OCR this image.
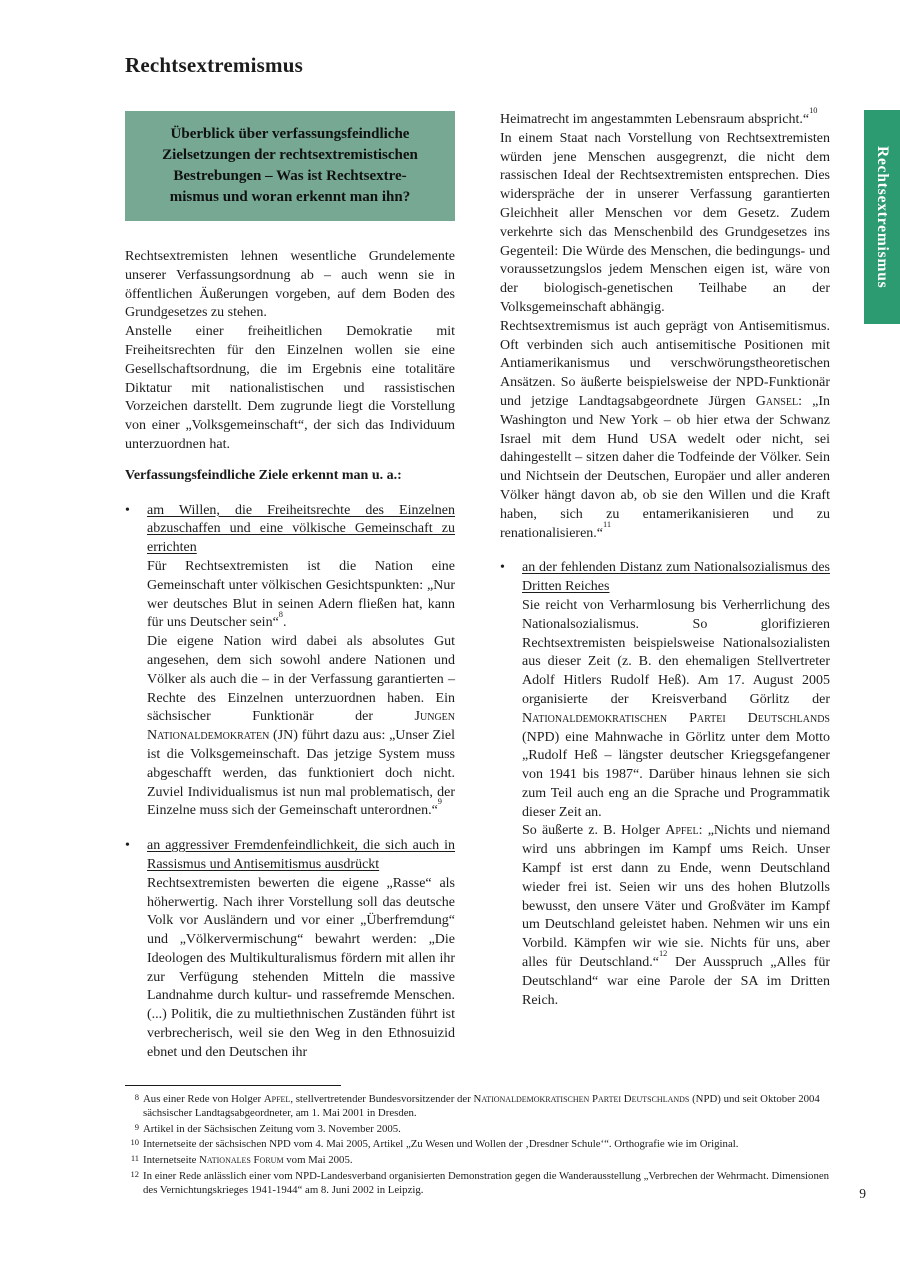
Rechtsextremismus
Rechtsextremismus
Überblick über verfassungsfeindliche
Zielsetzungen der rechtsextremistischen
Bestrebungen – Was ist Rechtsextre-
mismus und woran erkennt man ihn?

Rechtsextremisten lehnen wesentliche Grundelemente unserer Verfassungsordnung ab – auch wenn sie in öffentlichen Äußerungen vorgeben, auf dem Boden des Grundgesetzes zu stehen.

Anstelle einer freiheitlichen Demokratie mit Freiheitsrechten für den Einzelnen wollen sie eine Gesellschaftsordnung, die im Ergebnis eine totalitäre Diktatur mit nationalistischen und rassistischen Vorzeichen darstellt. Dem zugrunde liegt die Vorstellung von einer „Volksgemeinschaft“, der sich das Individuum unterzuordnen hat.

Verfassungsfeindliche Ziele erkennt man u. a.:
•	am Willen, die Freiheitsrechte des Einzelnen abzuschaffen und eine völkische Gemeinschaft zu errichten

Für Rechtsextremisten ist die Nation eine Gemeinschaft unter völkischen Gesichtspunkten: „Nur wer deutsches Blut in seinen Adern fließen hat, kann für uns Deutscher sein“$^8$.

Die eigene Nation wird dabei als absolutes Gut angesehen, dem sich sowohl andere Nationen und Völker als auch die – in der Verfassung garantierten – Rechte des Einzelnen unterzuordnen haben. Ein sächsischer Funktionär der Jungen Nationaldemokraten (JN) führt dazu aus: „Unser Ziel ist die Volksgemeinschaft. Das jetzige System muss abgeschafft werden, das funktioniert doch nicht. Zuviel Individualismus ist nun mal problematisch, der Einzelne muss sich der Gemeinschaft unterordnen.“$^9$

•	an aggressiver Fremdenfeindlichkeit, die sich auch in Rassismus und Antisemitismus ausdrückt

Rechtsextremisten bewerten die eigene „Rasse“ als höherwertig. Nach ihrer Vorstellung soll das deutsche Volk vor Ausländern und vor einer „Überfremdung“ und „Völkervermischung“ bewahrt werden: „Die Ideologen des Multikulturalismus fördern mit allen ihr zur Verfügung stehenden Mitteln die massive Landnahme durch kultur- und rassefremde Menschen. (...) Politik, die zu multiethnischen Zuständen führt ist verbrecherisch, weil sie den Weg in den Ethnosuizid ebnet und den Deutschen ihr

Heimatrecht im angestammten Lebensraum abspricht.“$^{10}$

In einem Staat nach Vorstellung von Rechtsextremisten würden jene Menschen ausgegrenzt, die nicht dem rassischen Ideal der Rechtsextremisten entsprechen. Dies widerspräche der in unserer Verfassung garantierten Gleichheit aller Menschen vor dem Gesetz. Zudem verkehrte sich das Menschenbild des Grundgesetzes ins Gegenteil: Die Würde des Menschen, die bedingungs- und voraussetzungslos jedem Menschen eigen ist, wäre von der biologisch-genetischen Teilhabe an der Volksgemeinschaft abhängig.

Rechtsextremismus ist auch geprägt von Antisemitismus. Oft verbinden sich auch antisemitische Positionen mit Antiamerikanismus und verschwörungstheoretischen Ansätzen. So äußerte beispielsweise der NPD-Funktionär und jetzige Landtagsabgeordnete Jürgen Gansel: „In Washington und New York – ob hier etwa der Schwanz Israel mit dem Hund USA wedelt oder nicht, sei dahingestellt – sitzen daher die Todfeinde der Völker. Sein und Nichtsein der Deutschen, Europäer und aller anderen Völker hängt davon ab, ob sie den Willen und die Kraft haben, sich zu entamerikanisieren und zu renationalisieren.“$^{11}$

•	an der fehlenden Distanz zum Nationalsozialismus des Dritten Reiches

Sie reicht von Verharmlosung bis Verherrlichung des Nationalsozialismus. So glorifizieren Rechtsextremisten beispielsweise Nationalsozialisten aus dieser Zeit (z. B. den ehemaligen Stellvertreter Adolf Hitlers Rudolf Heß). Am 17. August 2005 organisierte der Kreisverband Görlitz der Nationaldemokratischen Partei Deutschlands (NPD) eine Mahnwache in Görlitz unter dem Motto „Rudolf Heß – längster deutscher Kriegsgefangener von 1941 bis 1987“. Darüber hinaus lehnen sie sich zum Teil auch eng an die Sprache und Programmatik dieser Zeit an.

So äußerte z. B. Holger Apfel: „Nichts und niemand wird uns abbringen im Kampf ums Reich. Unser Kampf ist erst dann zu Ende, wenn Deutschland wieder frei ist. Seien wir uns des hohen Blutzolls bewusst, den unsere Väter und Großväter im Kampf um Deutschland geleistet haben. Nehmen wir uns ein Vorbild. Kämpfen wir wie sie. Nichts für uns, aber alles für Deutschland.“$^{12}$ Der Ausspruch „Alles für Deutschland“ war eine Parole der SA im Dritten Reich.

8 Aus einer Rede von Holger Apfel, stellvertretender Bundesvorsitzender der Nationaldemokratischen Partei Deutschlands (NPD) und seit Oktober 2004 sächsischer Landtagsabgeordneter, am 1. Mai 2001 in Dresden.
9 Artikel in der Sächsischen Zeitung vom 3. November 2005.
10 Internetseite der sächsischen NPD vom 4. Mai 2005, Artikel „Zu Wesen und Wollen der ‚Dresdner Schule‘“. Orthografie wie im Original.
11 Internetseite Nationales Forum vom Mai 2005.
12 In einer Rede anlässlich einer vom NPD-Landesverband organisierten Demonstration gegen die Wanderausstellung „Verbrechen der Wehrmacht. Dimensionen des Vernichtungskrieges 1941-1944“ am 8. Juni 2002 in Leipzig.	9
